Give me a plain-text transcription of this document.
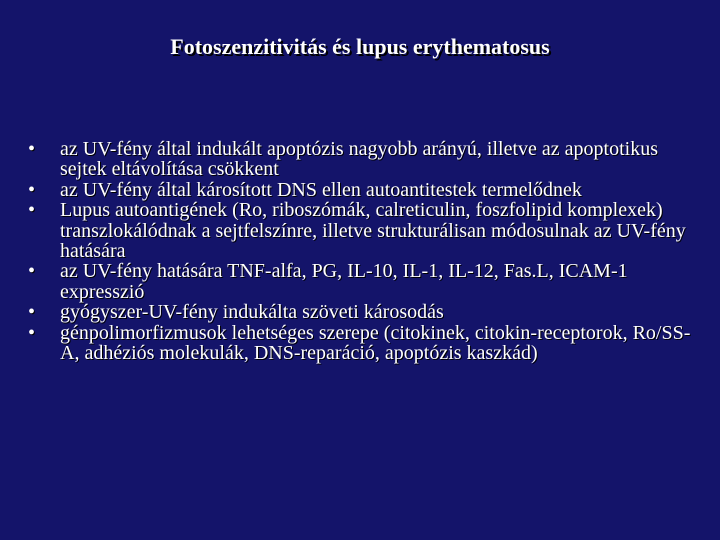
Fotoszenzitivitás és lupus erythematosus
•	az UV-fény által indukált apoptózis nagyobb arányú, illetve az apoptotikus sejtek eltávolítása csökkent
•	az UV-fény által károsított DNS ellen autoantitestek termelődnek
•	Lupus autoantigének (Ro, riboszómák, calreticulin, foszfolipid komplexek) transzlokálódnak a sejtfelszínre, illetve strukturálisan módosulnak az UV-fény hatására
•	az UV-fény hatására TNF-alfa, PG, IL-10, IL-1, IL-12, Fas.L, ICAM-1 expresszió
•	gyógyszer-UV-fény indukálta szöveti károsodás
•	génpolimorfizmusok lehetséges szerepe (citokinek, citokin-receptorok, Ro/SS-A, adhéziós molekulák, DNS-reparáció, apoptózis kaszkád)
